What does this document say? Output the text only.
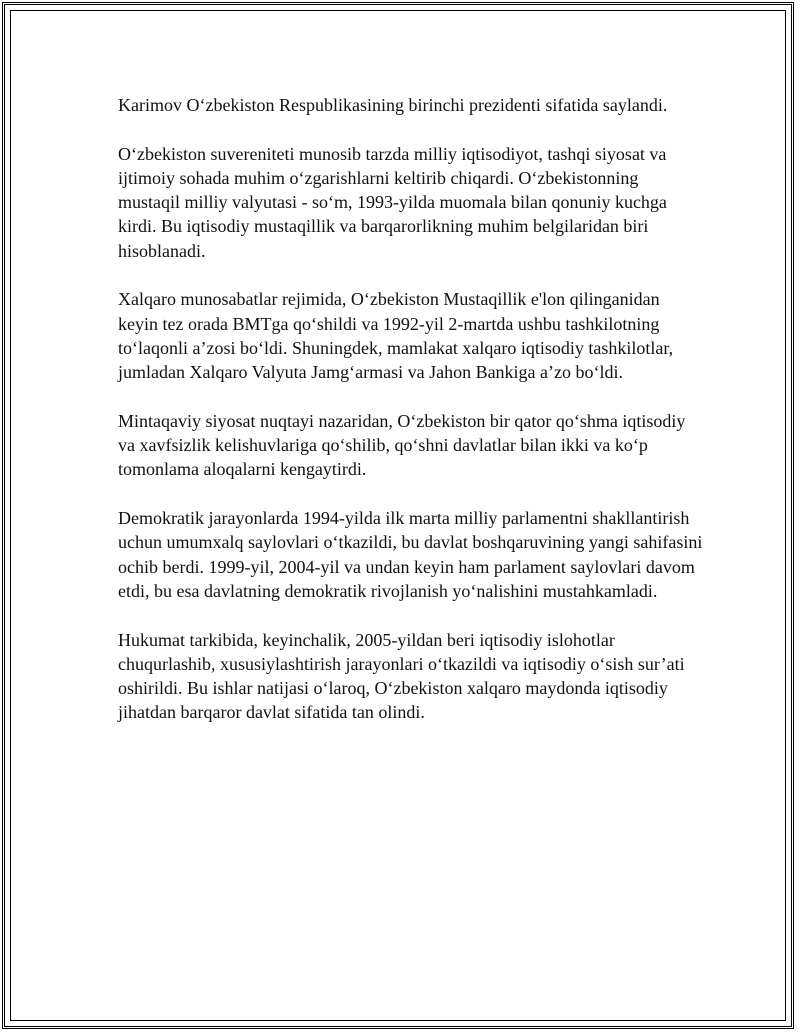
Karimov O‘zbekiston Respublikasining birinchi prezidenti sifatida saylandi.

O‘zbekiston suvereniteti munosib tarzda milliy iqtisodiyot, tashqi siyosat va ijtimoiy sohada muhim o‘zgarishlarni keltirib chiqardi. O‘zbekistonning mustaqil milliy valyutasi - so‘m, 1993-yilda muomala bilan qonuniy kuchga kirdi. Bu iqtisodiy mustaqillik va barqarorlikning muhim belgilaridan biri hisoblanadi.

Xalqaro munosabatlar rejimida, O‘zbekiston Mustaqillik e'lon qilinganidan keyin tez orada BMTga qo‘shildi va 1992-yil 2-martda ushbu tashkilotning to‘laqonli a’zosi bo‘ldi. Shuningdek, mamlakat xalqaro iqtisodiy tashkilotlar, jumladan Xalqaro Valyuta Jamg‘armasi va Jahon Bankiga a’zo bo‘ldi.

Mintaqaviy siyosat nuqtayi nazaridan, O‘zbekiston bir qator qo‘shma iqtisodiy va xavfsizlik kelishuvlariga qo‘shilib, qo‘shni davlatlar bilan ikki va ko‘p tomonlama aloqalarni kengaytirdi.

Demokratik jarayonlarda 1994-yilda ilk marta milliy parlamentni shakllantirish uchun umumxalq saylovlari o‘tkazildi, bu davlat boshqaruvining yangi sahifasini ochib berdi. 1999-yil, 2004-yil va undan keyin ham parlament saylovlari davom etdi, bu esa davlatning demokratik rivojlanish yo‘nalishini mustahkamladi.

Hukumat tarkibida, keyinchalik, 2005-yildan beri iqtisodiy islohotlar chuqurlashib, xususiylashtirish jarayonlari o‘tkazildi va iqtisodiy o‘sish sur’ati oshirildi. Bu ishlar natijasi o‘laroq, O‘zbekiston xalqaro maydonda iqtisodiy jihatdan barqaror davlat sifatida tan olindi.
